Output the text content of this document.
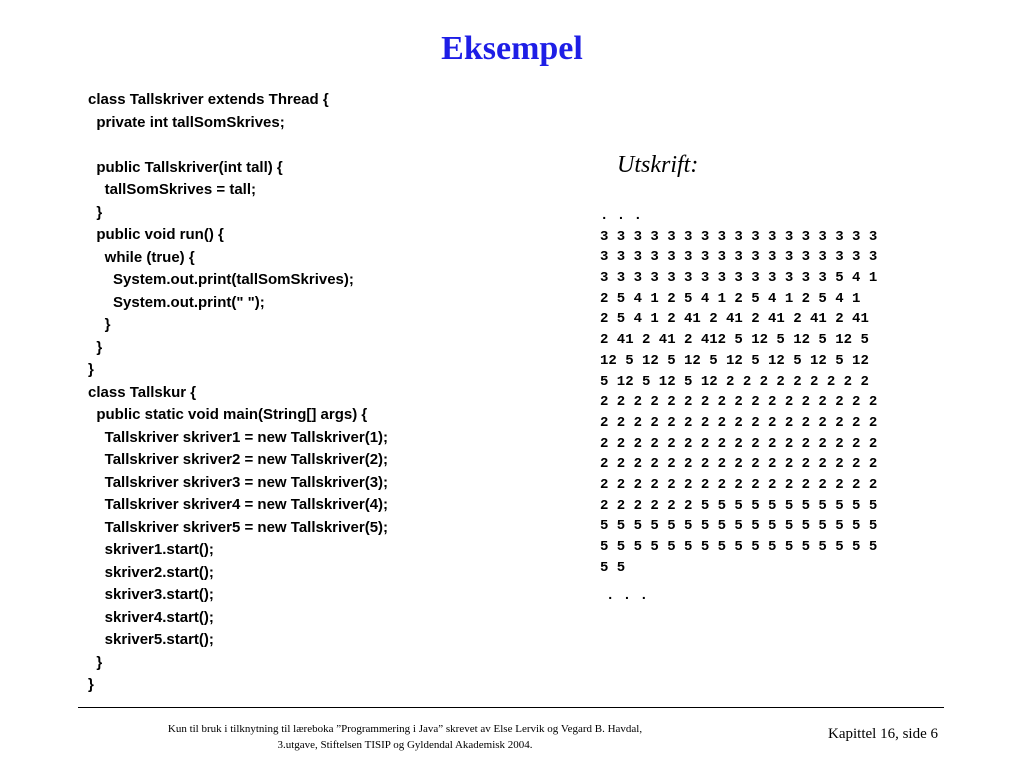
Eksempel
class Tallskriver extends Thread {
private int tallSomSkrives;
public Tallskriver(int tall) {
tallSomSkrives = tall;
}
public void run() {
while (true) {
System.out.print(tallSomSkrives);
System.out.print(" ");
}
}
}
class Tallskur {
public static void main(String[] args) {
Tallskriver skriver1 = new Tallskriver(1);
Tallskriver skriver2 = new Tallskriver(2);
Tallskriver skriver3 = new Tallskriver(3);
Tallskriver skriver4 = new Tallskriver(4);
Tallskriver skriver5 = new Tallskriver(5);
skriver1.start();
skriver2.start();
skriver3.start();
skriver4.start();
skriver5.start();
}
}
Utskrift:
. . .
3 3 3 3 3 3 3 3 3 3 3 3 3 3 3 3 3
3 3 3 3 3 3 3 3 3 3 3 3 3 3 3 3 3
3 3 3 3 3 3 3 3 3 3 3 3 3 3 5 4 1
2 5 4 1 2 5 4 1 2 5 4 1 2 5 4 1
2 5 4 1 2 41 2 41 2 41 2 41 2 41
2 41 2 41 2 412 5 12 5 12 5 12 5
12 5 12 5 12 5 12 5 12 5 12 5 12
5 12 5 12 5 12 2 2 2 2 2 2 2 2 2
2 2 2 2 2 2 2 2 2 2 2 2 2 2 2 2 2
2 2 2 2 2 2 2 2 2 2 2 2 2 2 2 2 2
2 2 2 2 2 2 2 2 2 2 2 2 2 2 2 2 2
2 2 2 2 2 2 2 2 2 2 2 2 2 2 2 2 2
2 2 2 2 2 2 2 2 2 2 2 2 2 2 2 2 2
2 2 2 2 2 2 5 5 5 5 5 5 5 5 5 5 5
5 5 5 5 5 5 5 5 5 5 5 5 5 5 5 5 5
5 5 5 5 5 5 5 5 5 5 5 5 5 5 5 5 5
5 5
. . .
Kun til bruk i tilknytning til læreboka ”Programmering i Java” skrevet av Else Lervik og Vegard B. Havdal,
3.utgave, Stiftelsen TISIP og Gyldendal Akademisk 2004.
Kapittel 16, side 6
